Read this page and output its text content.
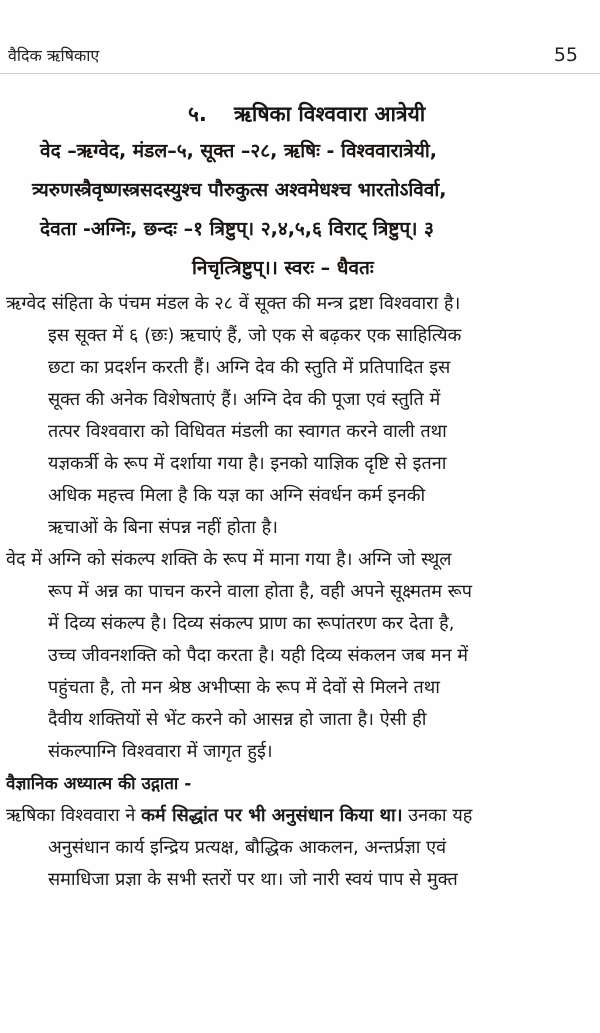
वैदिक ऋषिकाए	55
५. ऋषिका विश्ववारा आत्रेयी
वेद –ऋग्वेद, मंडल–५, सूक्त –२८, ऋषिः - विश्ववारात्रेयी,
त्र्यरुणस्त्रैवृष्णस्त्रसदस्युश्च पौरुकुत्स अश्वमेधश्च भारतोऽविर्वा,
देवता -अग्निः, छन्दः –१ त्रिष्टुप्। २,४,५,६ विराट् त्रिष्टुप्। ३
निचृत्त्रिष्टुप्।। स्वरः – धैवतः
ऋग्वेद संहिता के पंचम मंडल के २८ वें सूक्त की मन्त्र द्रष्टा विश्ववारा है।
इस सूक्त में ६ (छः) ऋचाएं हैं, जो एक से बढ़कर एक साहित्यिक
छटा का प्रदर्शन करती हैं। अग्नि देव की स्तुति में प्रतिपादित इस
सूक्त की अनेक विशेषताएं हैं। अग्नि देव की पूजा एवं स्तुति में
तत्पर विश्ववारा को विधिवत मंडली का स्वागत करने वाली तथा
यज्ञकर्त्री के रूप में दर्शाया गया है। इनको याज्ञिक दृष्टि से इतना
अधिक महत्त्व मिला है कि यज्ञ का अग्नि संवर्धन कर्म इनकी
ऋचाओं के बिना संपन्न नहीं होता है।
वेद में अग्नि को संकल्प शक्ति के रूप में माना गया है। अग्नि जो स्थूल
रूप में अन्न का पाचन करने वाला होता है, वही अपने सूक्ष्मतम रूप
में दिव्य संकल्प है। दिव्य संकल्प प्राण का रूपांतरण कर देता है,
उच्च जीवनशक्ति को पैदा करता है। यही दिव्य संकलन जब मन में
पहुंचता है, तो मन श्रेष्ठ अभीप्सा के रूप में देवों से मिलने तथा
दैवीय शक्तियों से भेंट करने को आसन्न हो जाता है। ऐसी ही
संकल्पाग्नि विश्ववारा में जागृत हुई।
वैज्ञानिक अध्यात्म की उद्गाता -
ऋषिका विश्ववारा ने कर्म सिद्धांत पर भी अनुसंधान किया था। उनका यह
अनुसंधान कार्य इन्द्रिय प्रत्यक्ष, बौद्धिक आकलन, अन्तर्प्रज्ञा एवं
समाधिजा प्रज्ञा के सभी स्तरों पर था। जो नारी स्वयं पाप से मुक्त
